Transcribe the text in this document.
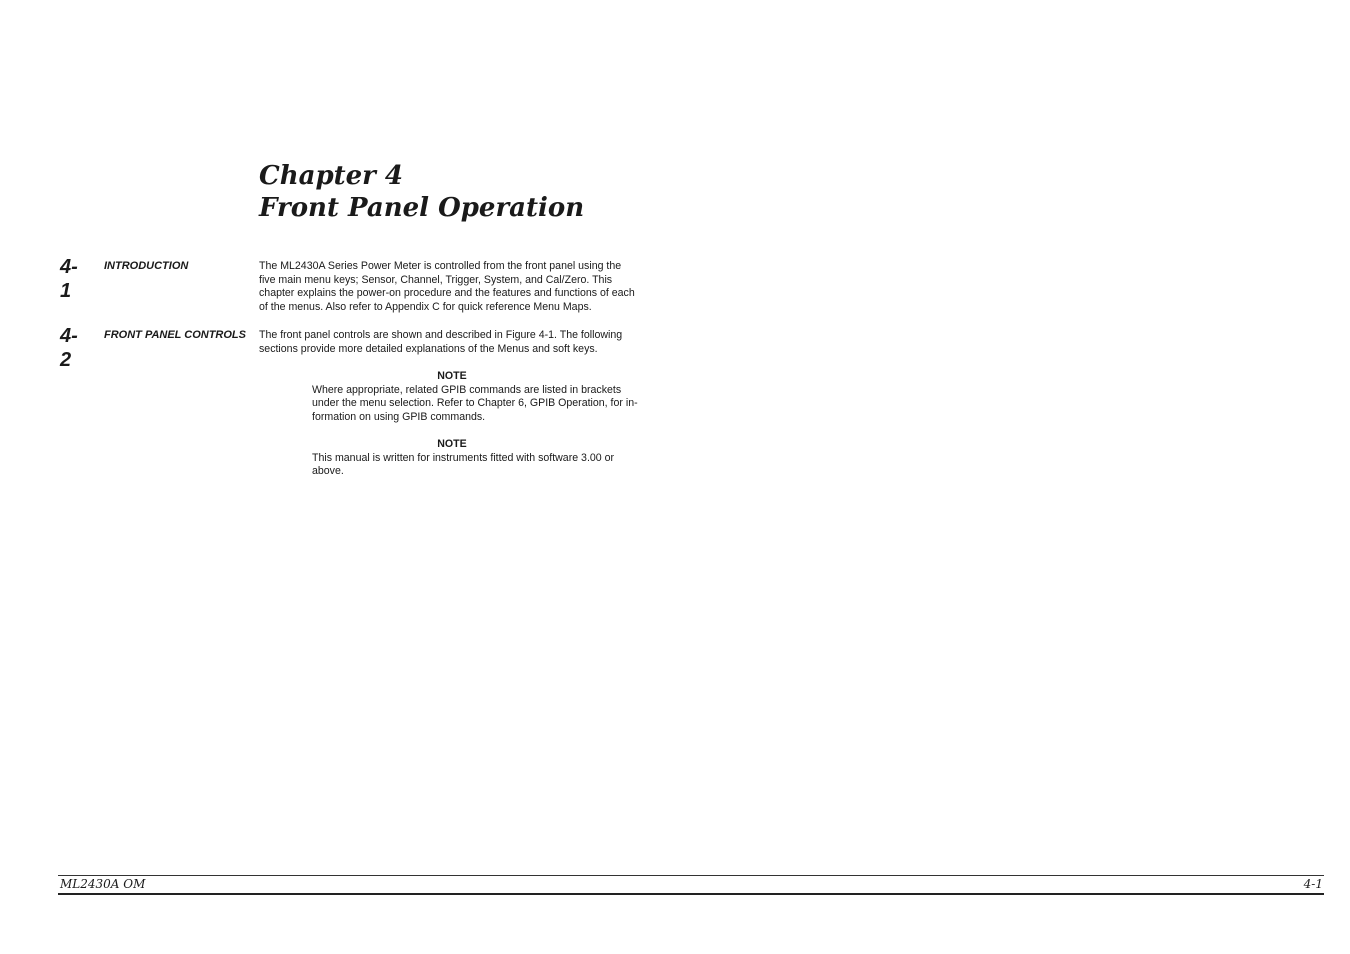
Chapter 4
Front Panel Operation
4-1
INTRODUCTION	The ML2430A Series Power Meter is controlled from the front panel using the
five main menu keys; Sensor, Channel, Trigger, System, and Cal/Zero. This
chapter explains the power-on procedure and the features and functions of each
of the menus. Also refer to Appendix C for quick reference Menu Maps.
4-2
FRONT PANEL CONTROLS The front panel controls are shown and described in Figure 4-1. The following
sections provide more detailed explanations of the Menus and soft keys.
NOTE
Where appropriate, related GPIB commands are listed in brackets
under the menu selection. Refer to Chapter 6, GPIB Operation, for in-
formation on using GPIB commands.
NOTE
This manual is written for instruments fitted with software 3.00 or
above.
ML2430A OM	4-1
